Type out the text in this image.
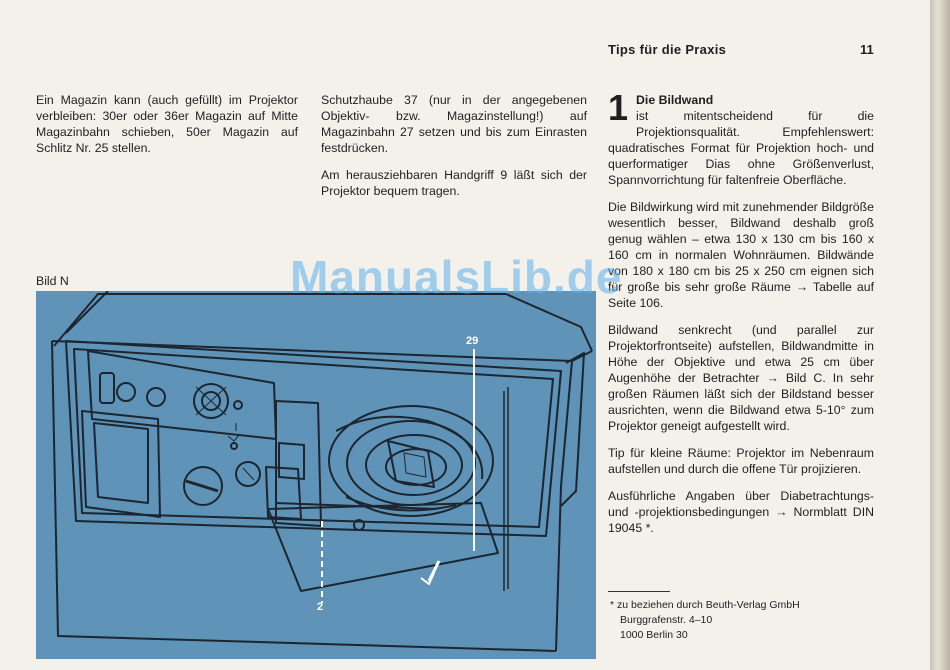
Tips für die Praxis	11

Ein Magazin kann (auch gefüllt) im Projektor verbleiben: 30er oder 36er Magazin auf Mitte Magazinbahn schieben, 50er Magazin auf Schlitz Nr. 25 stellen.

Schutzhaube 37 (nur in der angegebenen Objektiv- bzw. Magazinstellung!) auf Magazinbahn 27 setzen und bis zum Einrasten festdrücken.

Am herausziehbaren Handgriff 9 läßt sich der Projektor bequem tragen.

1 Die Bildwand
ist mitentscheidend für die Projektionsqualität. Empfehlenswert: quadratisches Format für Projektion hoch- und querformatiger Dias ohne Größenverlust, Spannvorrichtung für faltenfreie Oberfläche.

Die Bildwirkung wird mit zunehmender Bildgröße wesentlich besser, Bildwand deshalb groß genug wählen – etwa 130 x 130 cm bis 160 x 160 cm in normalen Wohnräumen. Bildwände von 180 x 180 cm bis 25 x 250 cm eignen sich für große bis sehr große Räume → Tabelle auf Seite 106.

Bildwand senkrecht (und parallel zur Projektorfrontseite) aufstellen, Bildwandmitte in Höhe der Objektive und etwa 25 cm über Augenhöhe der Betrachter → Bild C. In sehr großen Räumen läßt sich der Bildstand besser ausrichten, wenn die Bildwand etwa 5-10° zum Projektor geneigt aufgestellt wird.

Tip für kleine Räume: Projektor im Nebenraum aufstellen und durch die offene Tür projizieren.

Ausführliche Angaben über Diabetrachtungs- und -projektionsbedingungen → Normblatt DIN 19045 *.

Bild N
29
2	* zu beziehen durch Beuth-Verlag GmbH
Burggrafenstr. 4–10
1000 Berlin 30
ManualsLib.de
